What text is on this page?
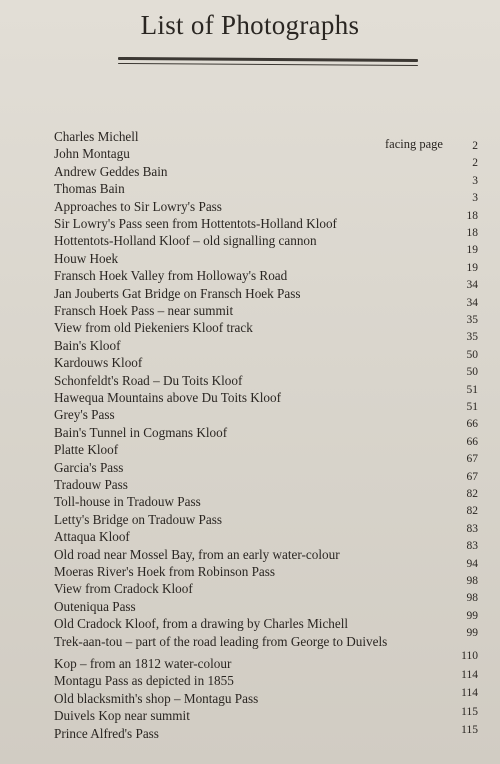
List of Photographs
facing page
Charles Michell
John Montagu
Andrew Geddes Bain
Thomas Bain
Approaches to Sir Lowry's Pass
Sir Lowry's Pass seen from Hottentots-Holland Kloof
Hottentots-Holland Kloof – old signalling cannon
Houw Hoek
Fransch Hoek Valley from Holloway's Road
Jan Jouberts Gat Bridge on Fransch Hoek Pass
Fransch Hoek Pass – near summit
View from old Piekeniers Kloof track
Bain's Kloof
Kardouws Kloof
Schonfeldt's Road – Du Toits Kloof
Hawequa Mountains above Du Toits Kloof
Grey's Pass
Bain's Tunnel in Cogmans Kloof
Platte Kloof
Garcia's Pass
Tradouw Pass
Toll-house in Tradouw Pass
Letty's Bridge on Tradouw Pass
Attaqua Kloof
Old road near Mossel Bay, from an early water-colour
Moeras River's Hoek from Robinson Pass
View from Cradock Kloof
Outeniqua Pass
Old Cradock Kloof, from a drawing by Charles Michell
Trek-aan-tou – part of the road leading from George to Duivels
Kop – from an 1812 water-colour
Montagu Pass as depicted in 1855
Old blacksmith's shop – Montagu Pass
Duivels Kop near summit
Prince Alfred's Pass
2
2
3
3
18
18
19
19
34
34
35
35
50
50
51
51
66
66
67
67
82
82
83
83
94
98
98
99
99
110
114
114
115
115
